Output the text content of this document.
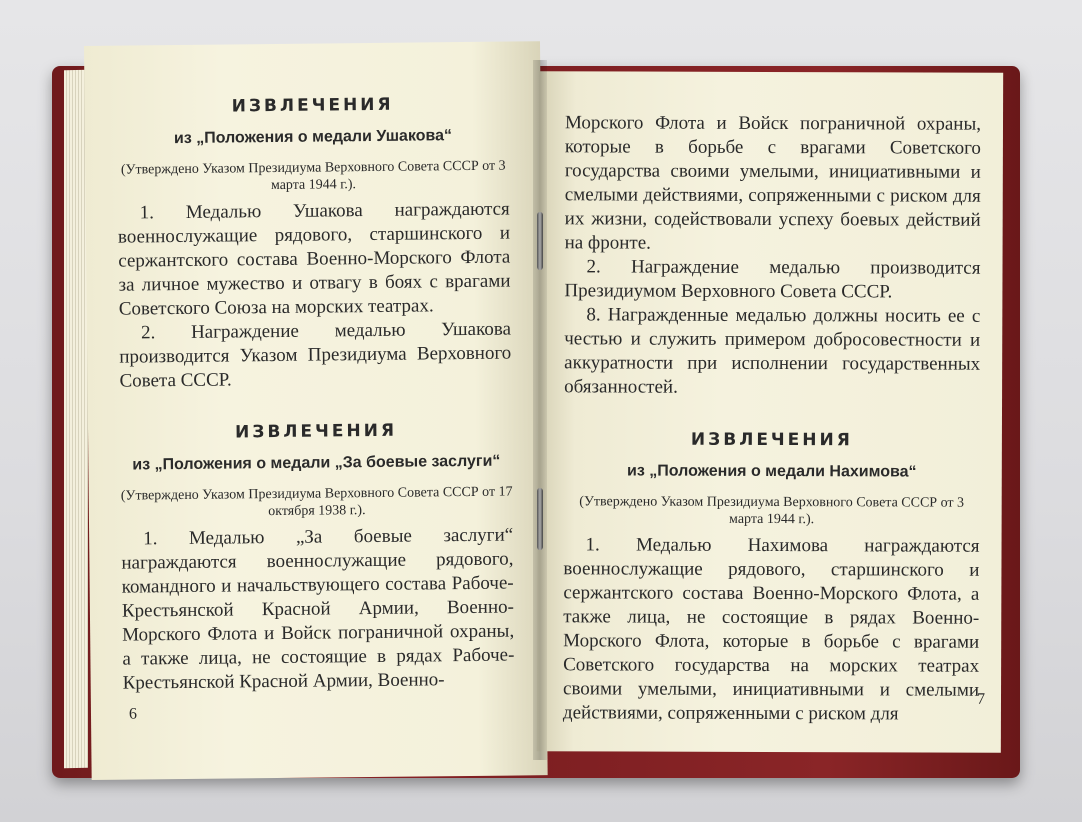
ИЗВЛЕЧЕНИЯ

из „Положения о медали Ушакова“

(Утверждено Указом Президиума Верховного Совета СССР от 3 марта 1944 г.).

1. Медалью Ушакова награждаются военнослужащие рядового, старшинского и сержантского состава Военно-Морского Флота за личное мужество и отвагу в боях с врагами Советского Союза на морских театрах.

2. Награждение медалью Ушакова производится Указом Президиума Верховного Совета СССР.

ИЗВЛЕЧЕНИЯ

из „Положения о медали „За боевые заслуги“

(Утверждено Указом Президиума Верховного Совета СССР от 17 октября 1938 г.).

1. Медалью „За боевые заслуги“ награждаются военнослужащие рядового, командного и начальствующего состава Рабоче-Крестьянской Красной Армии, Военно-Морского Флота и Войск пограничной охраны, а также лица, не состоящие в рядах Рабоче-Крестьянской Красной Армии, Военно-

6

Морского Флота и Войск пограничной охраны, которые в борьбе с врагами Советского государства своими умелыми, инициативными и смелыми действиями, сопряженными с риском для их жизни, содействовали успеху боевых действий на фронте.

2. Награждение медалью производится Президиумом Верховного Совета СССР.

8. Награжденные медалью должны носить ее с честью и служить примером добросовестности и аккуратности при исполнении государственных обязанностей.

ИЗВЛЕЧЕНИЯ

из „Положения о медали Нахимова“

(Утверждено Указом Президиума Верховного Совета СССР от 3 марта 1944 г.).

1. Медалью Нахимова награждаются военнослужащие рядового, старшинского и сержантского состава Военно-Морского Флота, а также лица, не состоящие в рядах Военно-Морского Флота, которые в борьбе с врагами Советского государства на морских театрах своими умелыми, инициативными и смелыми действиями, сопряженными с риском для

7
